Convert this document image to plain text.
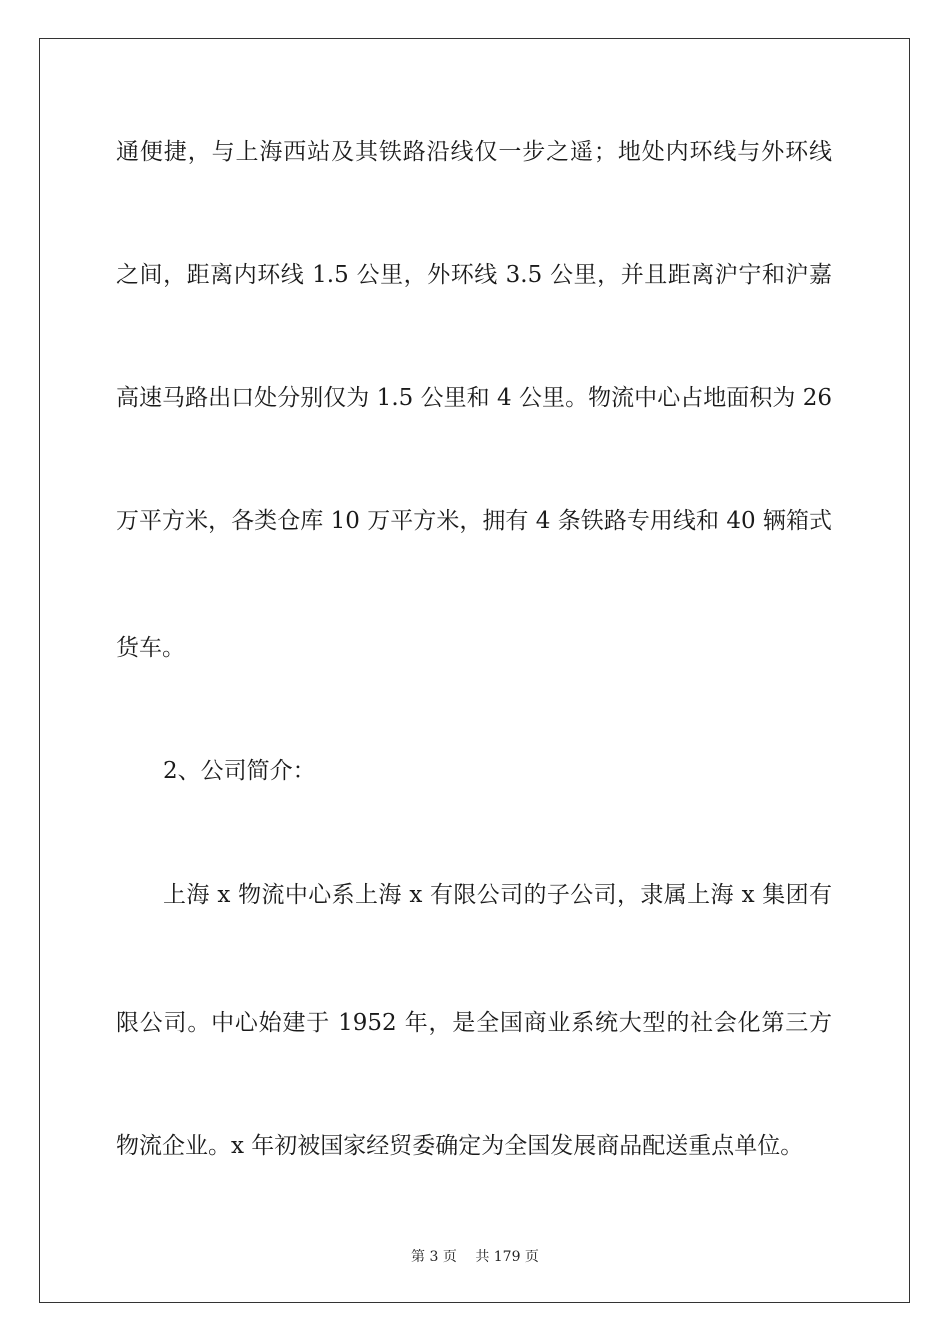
通便捷，与上海西站及其铁路沿线仅一步之遥；地处内环线与外环线
之间，距离内环线 1.5 公里，外环线 3.5 公里，并且距离沪宁和沪嘉
高速马路出口处分别仅为 1.5 公里和 4 公里。物流中心占地面积为 26
万平方米，各类仓库 10 万平方米，拥有 4 条铁路专用线和 40 辆箱式
货车。
2、公司简介：
上海 x 物流中心系上海 x 有限公司的子公司，隶属上海 x 集团有
限公司。中心始建于 1952 年，是全国商业系统大型的社会化第三方
物流企业。x 年初被国家经贸委确定为全国发展商品配送重点单位。
第 3 页 共 179 页
